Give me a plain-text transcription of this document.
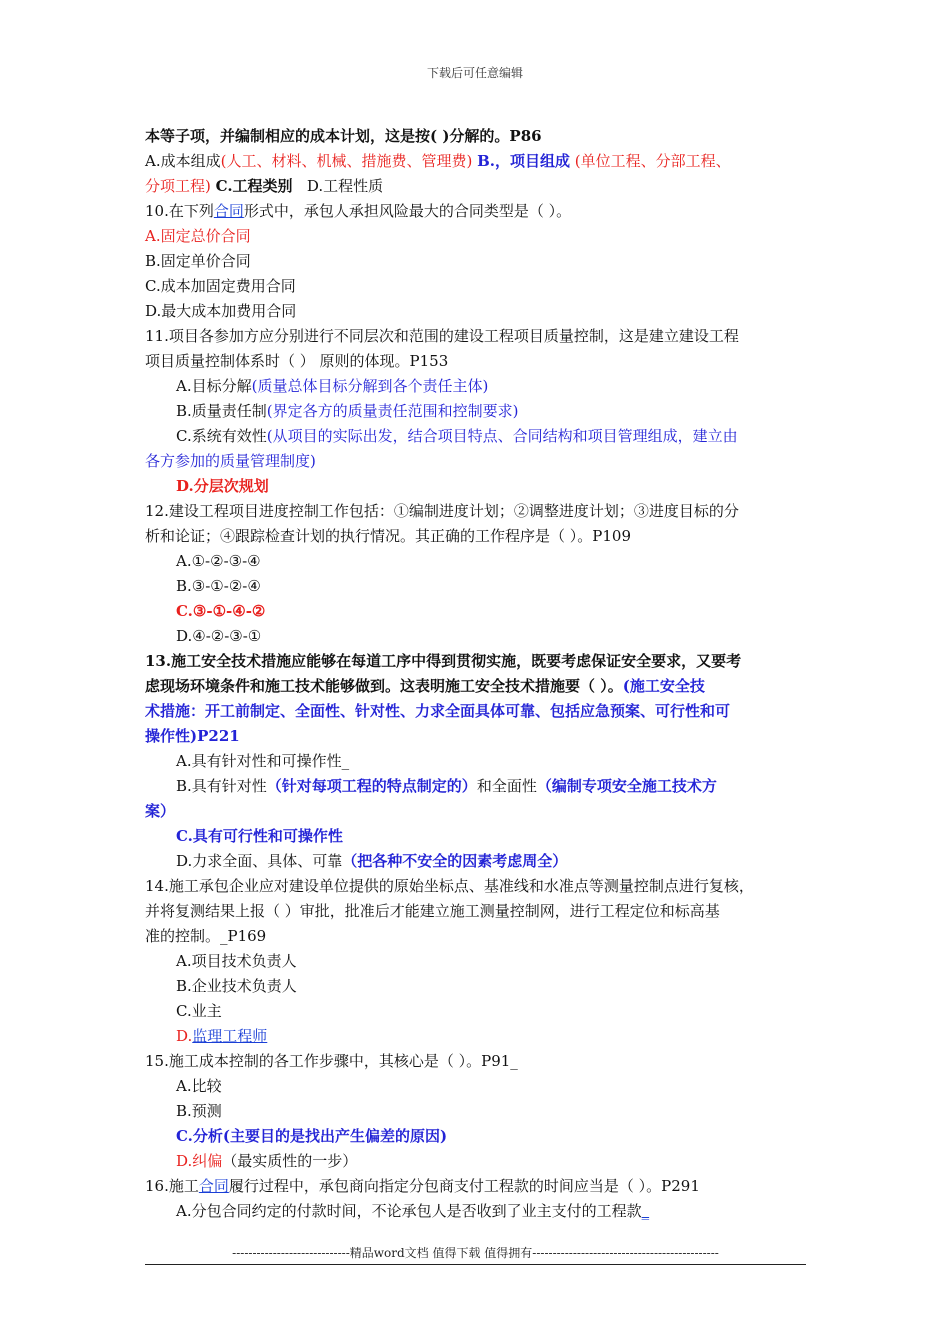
下载后可任意编辑
本等子项，并编制相应的成本计划，这是按( )分解的。P86
A.成本组成(人工、材料、机械、措施费、管理费) B.，项目组成 (单位工程、分部工程、
分项工程) C.工程类别 D.工程性质
10.在下列合同形式中，承包人承担风险最大的合同类型是（ ）。
A.固定总价合同
B.固定单价合同
C.成本加固定费用合同
D.最大成本加费用合同
11.项目各参加方应分别进行不同层次和范围的建设工程项目质量控制，这是建立建设工程
项目质量控制体系时（ ） 原则的体现。P153
A.目标分解(质量总体目标分解到各个责任主体)
B.质量责任制(界定各方的质量责任范围和控制要求)
C.系统有效性(从项目的实际出发，结合项目特点、合同结构和项目管理组成，建立由
各方参加的质量管理制度)
D.分层次规划
12.建设工程项目进度控制工作包括：①编制进度计划；②调整进度计划；③进度目标的分
析和论证；④跟踪检查计划的执行情况。其正确的工作程序是（ ）。P109
A.①-②-③-④
B.③-①-②-④
C.③-①-④-②
D.④-②-③-①
13.施工安全技术措施应能够在每道工序中得到贯彻实施，既要考虑保证安全要求，又要考
虑现场环境条件和施工技术能够做到。这表明施工安全技术措施要（ ）。(施工安全技
术措施：开工前制定、全面性、针对性、力求全面具体可靠、包括应急预案、可行性和可
操作性)P221
A.具有针对性和可操作性_
B.具有针对性（针对每项工程的特点制定的）和全面性（编制专项安全施工技术方
案）
C.具有可行性和可操作性
D.力求全面、具体、可靠（把各种不安全的因素考虑周全）
14.施工承包企业应对建设单位提供的原始坐标点、基准线和水准点等测量控制点进行复核，
并将复测结果上报（ ）审批，批准后才能建立施工测量控制网，进行工程定位和标高基
准的控制。_P169
A.项目技术负责人
B.企业技术负责人
C.业主
D.监理工程师
15.施工成本控制的各工作步骤中，其核心是（ ）。P91_
A.比较
B.预测
C.分析(主要目的是找出产生偏差的原因)
D.纠偏（最实质性的一步）
16.施工合同履行过程中，承包商向指定分包商支付工程款的时间应当是（ ）。P291
A.分包合同约定的付款时间，不论承包人是否收到了业主支付的工程款_
-----------------------------精品word文档 值得下载 值得拥有----------------------------------------------
